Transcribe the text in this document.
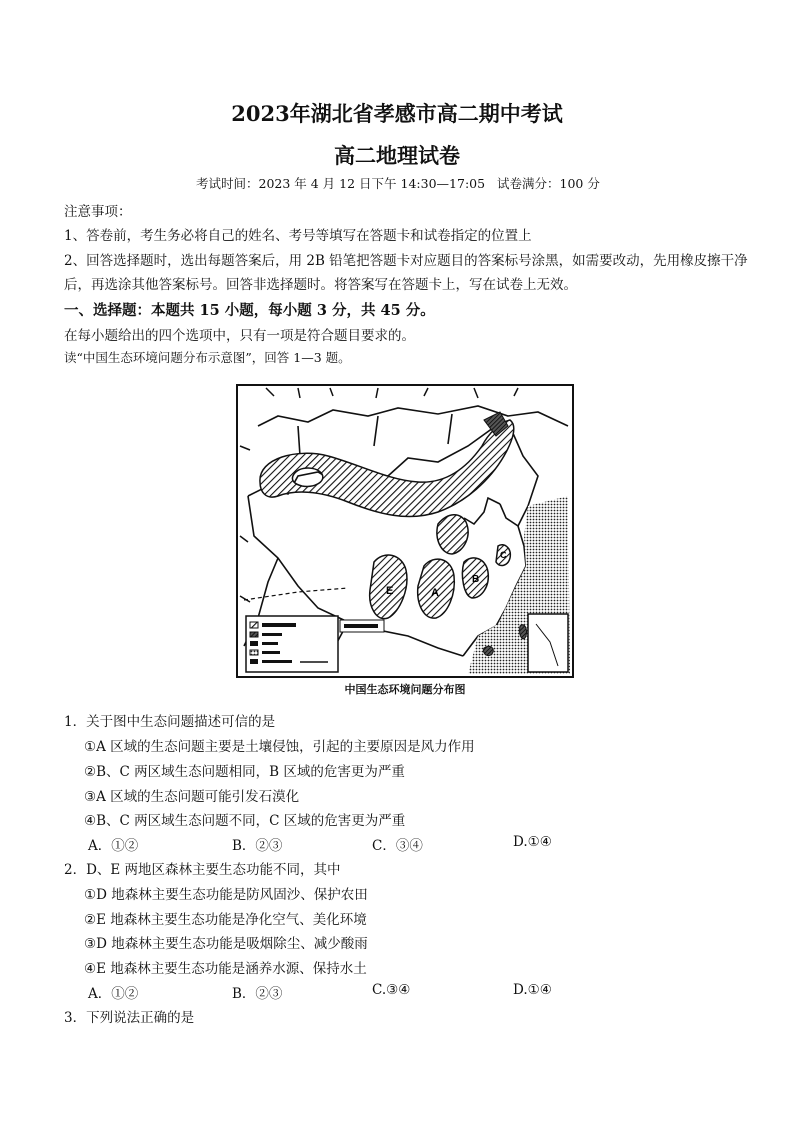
2023年湖北省孝感市高二期中考试
高二地理试卷
考试时间：2023 年 4 月 12 日下午 14:30—17:05 试卷满分：100 分
注意事项：
1、答卷前，考生务必将自己的姓名、考号等填写在答题卡和试卷指定的位置上
2、回答选择题时，选出每题答案后，用 2B 铅笔把答题卡对应题目的答案标号涂黑，如需要改动，先用橡皮擦干净
后，再选涂其他答案标号。回答非选择题时。将答案写在答题卡上，写在试卷上无效。
一、选择题：本题共 15 小题，每小题 3 分，共 45 分。
在每小题给出的四个选项中，只有一项是符合题目要求的。
读“中国生态环境问题分布示意图”，回答 1—3 题。
E	A
B
C
中国生态环境问题分布图
1．关于图中生态问题描述可信的是
①A 区域的生态问题主要是土壤侵蚀，引起的主要原因是风力作用
②B、C 两区域生态问题相同，B 区域的危害更为严重
③A 区域的生态问题可能引发石漠化
④B、C 两区域生态问题不同，C 区域的危害更为严重
A．①②	B．②③	C．③④	D.①④
2．D、E 两地区森林主要生态功能不同，其中
①D 地森林主要生态功能是防风固沙、保护农田
②E 地森林主要生态功能是净化空气、美化环境
③D 地森林主要生态功能是吸烟除尘、减少酸雨
④E 地森林主要生态功能是涵养水源、保持水土
A．①②	B．②③	C.③④	D.①④
3．下列说法正确的是
